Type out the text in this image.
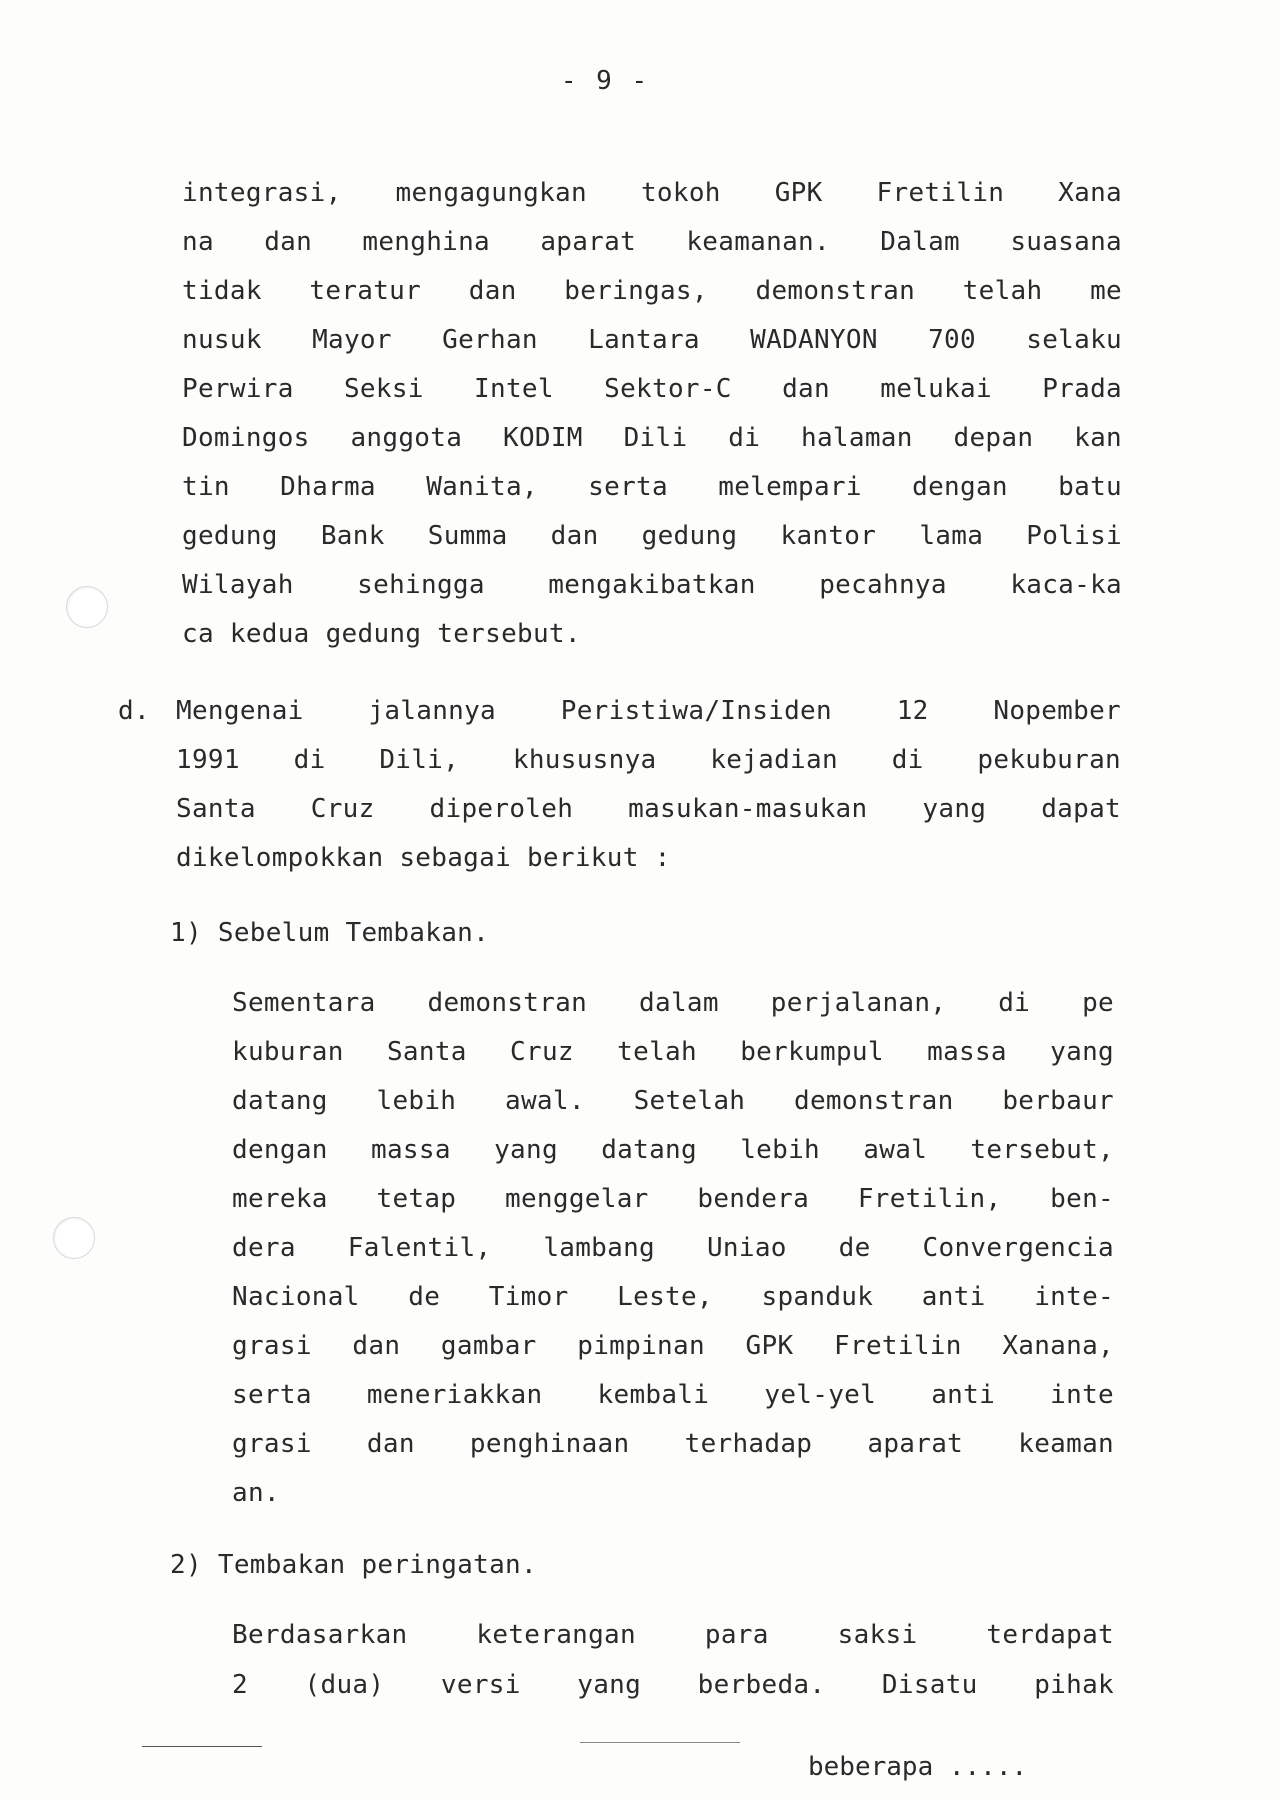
- 9 -
integrasi, mengagungkan tokoh GPK Fretilin Xana
na dan menghina aparat keamanan. Dalam suasana
tidak teratur dan beringas, demonstran telah me
nusuk Mayor Gerhan Lantara WADANYON 700 selaku
Perwira Seksi Intel Sektor-C dan melukai Prada
Domingos anggota KODIM Dili di halaman depan kan
tin Dharma Wanita, serta melempari dengan batu
gedung Bank Summa dan gedung kantor lama Polisi
Wilayah sehingga mengakibatkan pecahnya kaca-ka
ca kedua gedung tersebut.
d. Mengenai jalannya Peristiwa/Insiden 12 Nopember
1991 di Dili, khususnya kejadian di pekuburan
Santa Cruz diperoleh masukan-masukan yang dapat
dikelompokkan sebagai berikut :
1) Sebelum Tembakan.
Sementara demonstran dalam perjalanan, di pe
kuburan Santa Cruz telah berkumpul massa yang
datang lebih awal. Setelah demonstran berbaur
dengan massa yang datang lebih awal tersebut,
mereka tetap menggelar bendera Fretilin, ben-
dera Falentil, lambang Uniao de Convergencia
Nacional de Timor Leste, spanduk anti inte-
grasi dan gambar pimpinan GPK Fretilin Xanana,
serta meneriakkan kembali yel-yel anti inte
grasi dan penghinaan terhadap aparat keaman
an.
2) Tembakan peringatan.
Berdasarkan keterangan para saksi terdapat
2 (dua) versi yang berbeda. Disatu pihak
beberapa .....
